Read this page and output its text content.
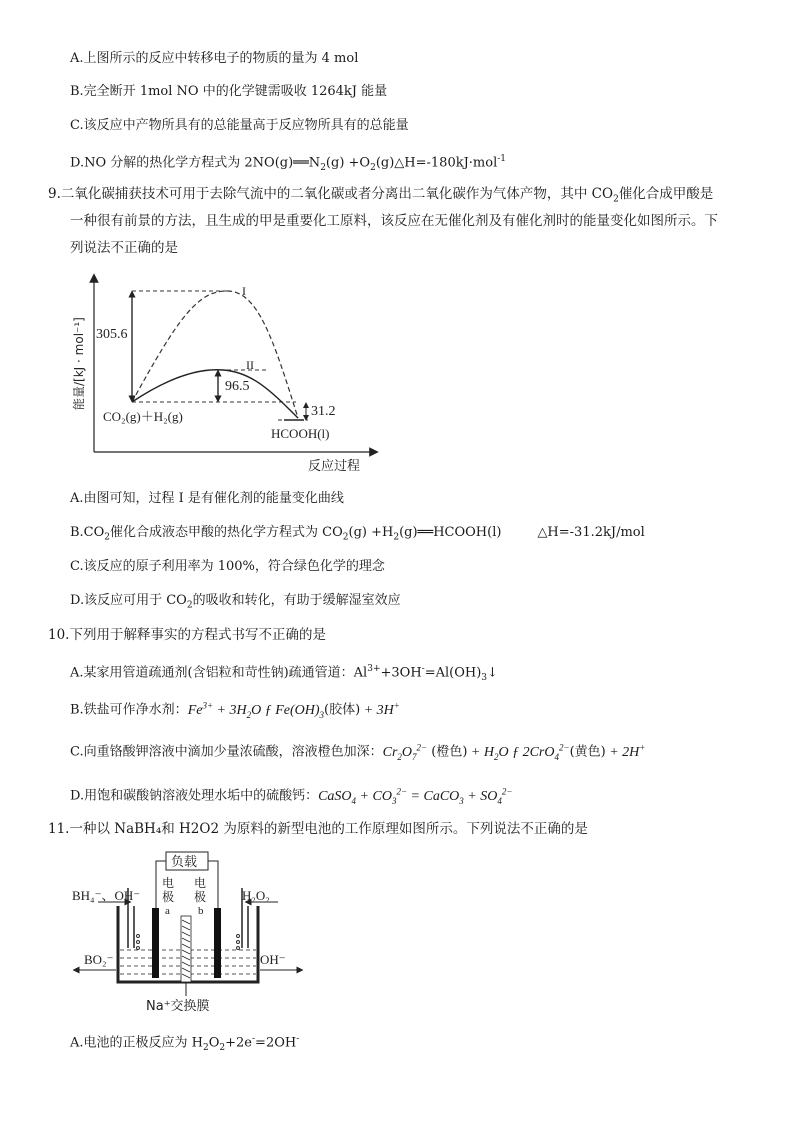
A.上图所示的反应中转移电子的物质的量为 4 mol
B.完全断开 1mol NO 中的化学键需吸收 1264kJ 能量
C.该反应中产物所具有的总能量高于反应物所具有的总能量
D.NO 分解的热化学方程式为 $2NO(g)══N_2(g)$ $+O_2(g)\triangle H=-180kJ\cdot mol^{-1}$
9.二氧化碳捕获技术可用于去除气流中的二氧化碳或者分离出二氧化碳作为气体产物，其中 $CO_2$催化合成甲酸是
一种很有前景的方法，且生成的甲是重要化工原料，该反应在无催化剂及有催化剂时的能量变化如图所示。下
列说法不正确的是
能量/[kJ · mol⁻¹]
反应过程
I
II
305.6
96.5
31.2
CO₂(g)＋H₂(g)
HCOOH(l)
A.由图可知，过程 I 是有催化剂的能量变化曲线
$B.CO_2$催化合成液态甲酸的热化学方程式为 $CO_2(g)$ $+H_2(g)══HCOOH(l)$	△H=-31.2kJ/mol
C.该反应的原子利用率为 100%，符合绿色化学的理念
D.该反应可用于 $CO_2$的吸收和转化，有助于缓解湿室效应
10.下列用于解释事实的方程式书写不正确的是
A.某家用管道疏通剂(含铝粒和苛性钠)疏通管道：$Al^{3+}+3OH^-=Al(OH)_3↓$
B.铁盐可作净水剂：$Fe^{3+} + 3H_2O$ ƒ $Fe(OH)_3$(胶体) + 3H+
C.向重铬酸钾溶液中滴加少量浓硫酸，溶液橙色加深：$Cr_2O_7^{2-}$ (橙色) + $H_2O$ ƒ 2CrO$_4^{2-}$(黄色) + 2H+
D.用饱和碳酸钠溶液处理水垢中的硫酸钙：CaSO$_4$ + $CO_3^{2-}$ = CaCO$_3$ + $SO_4^{2-}$
11.一种以 NaBH₄和 H2O2 为原料的新型电池的工作原理如图所示。下列说法不正确的是
负载
电
极
a
电
极
b
BH₄⁻、OH⁻	H₂O₂
BO₂⁻	OH⁻
Na⁺交换膜
A.电池的正极反应为 $H_2O_2+2e^-=2OH^-$
